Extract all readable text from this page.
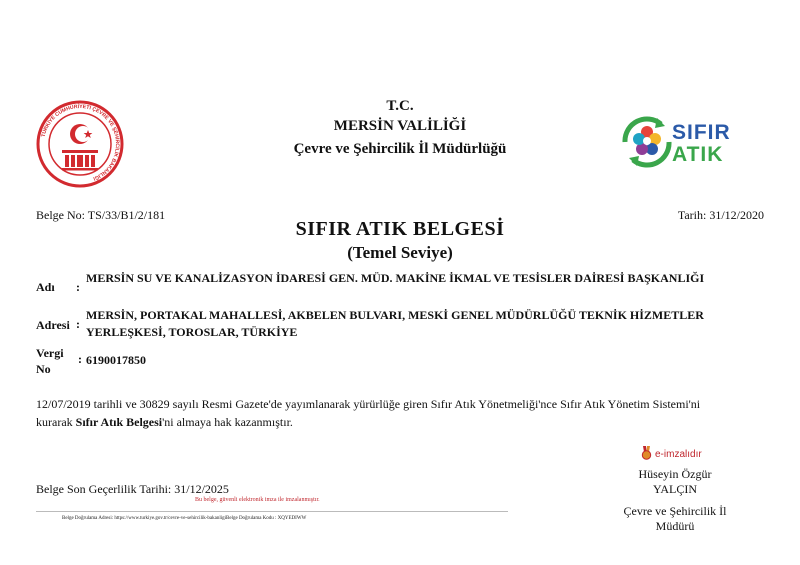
TÜRKİYE CUMHURİYETİ ÇEVRE VE ŞEHİRCİLİK BAKANLIĞI
SIFIR
ATIK
T.C.
MERSİN VALİLİĞİ
Çevre ve Şehircilik İl Müdürlüğü
Belge No: TS/33/B1/2/181	Tarih: 31/12/2020
SIFIR ATIK BELGESİ
(Temel Seviye)
Adı :
MERSİN SU VE KANALİZASYON İDARESİ GEN. MÜD. MAKİNE İKMAL VE TESİSLER DAİRESİ BAŞKANLIĞI
Adresi :
MERSİN, PORTAKAL MAHALLESİ, AKBELEN BULVARI, MESKİ GENEL MÜDÜRLÜĞÜ TEKNİK HİZMETLER YERLEŞKESİ, TOROSLAR, TÜRKİYE
Vergi
No
: 6190017850
12/07/2019 tarihli ve 30829 sayılı Resmi Gazete'de yayımlanarak yürürlüğe giren Sıfır Atık Yönetmeliği'nce Sıfır Atık Yönetim Sistemi'ni kurarak Sıfır Atık Belgesi'ni almaya hak kazanmıştır.
e-imzalıdır
Hüseyin Özgür
YALÇIN
Çevre ve Şehircilik İl
Müdürü
Belge Son Geçerlilik Tarihi: 31/12/2025
Bu belge, güvenli elektronik imza ile imzalanmıştır.
Belge Doğrulama Adresi: https://www.turkiye.gov.tr/cevre-ve-sehircilik-bakanligiBelge Doğrulama Kodu : XQYEDIWW
